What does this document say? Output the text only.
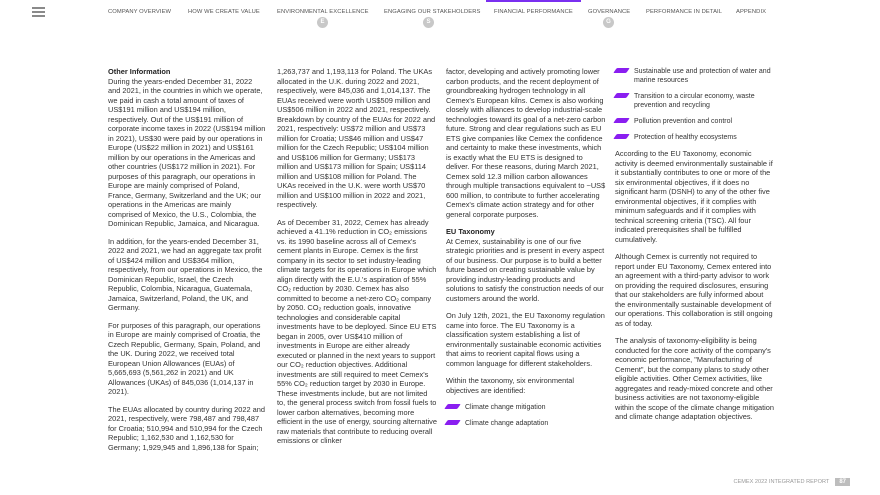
COMPANY OVERVIEW	HOW WE CREATE VALUE	ENVIRONMENTAL EXCELLENCE
E
ENGAGING OUR STAKEHOLDERS
S
FINANCIAL PERFORMANCE	GOVERNANCE
G
PERFORMANCE IN DETAIL APPENDIX
Other Information

During the years-ended December 31, 2022 and 2021, in the countries in which we operate, we paid in cash a total amount of taxes of US$191 million and US$194 million, respectively. Out of the US$191 million of corporate income taxes in 2022 (US$194 million in 2021), US$30 were paid by our operations in Europe (US$22 million in 2021) and US$161 million by our operations in the Americas and other countries (US$172 million in 2021). For purposes of this paragraph, our operations in Europe are mainly comprised of Poland, France, Germany, Switzerland and the UK; our operations in the Americas are mainly comprised of Mexico, the U.S., Colombia, the Dominican Republic, Jamaica, and Nicaragua.

In addition, for the years-ended December 31, 2022 and 2021, we had an aggregate tax profit of US$424 million and US$364 million, respectively, from our operations in Mexico, the Dominican Republic, Israel, the Czech Republic, Colombia, Nicaragua, Guatemala, Jamaica, Switzerland, Poland, the UK, and Germany.

For purposes of this paragraph, our operations in Europe are mainly comprised of Croatia, the Czech Republic, Germany, Spain, Poland, and the UK. During 2022, we received total European Union Allowances (EUAs) of 5,665,693 (5,561,262 in 2021) and UK Allowances (UKAs) of 845,036 (1,014,137 in 2021).

The EUAs allocated by country during 2022 and 2021, respectively, were 798,487 and 798,487 for Croatia; 510,994 and 510,994 for the Czech Republic; 1,162,530 and 1,162,530 for Germany; 1,929,945 and 1,896,138 for Spain;

1,263,737 and 1,193,113 for Poland. The UKAs allocated in the U.K. during 2022 and 2021, respectively, were 845,036 and 1,014,137. The EUAs received were worth US$509 million and US$506 million in 2022 and 2021, respectively. Breakdown by country of the EUAs for 2022 and 2021, respectively: US$72 million and US$73 million for Croatia; US$46 million and US$47 million for the Czech Republic; US$104 million and US$106 million for Germany; US$173 million and US$173 million for Spain; US$114 million and US$108 million for Poland. The UKAs received in the U.K. were worth US$70 million and US$100 million in 2022 and 2021, respectively.

As of December 31, 2022, Cemex has already achieved a 41.1% reduction in CO₂ emissions vs. its 1990 baseline across all of Cemex's cement plants in Europe. Cemex is the first company in its sector to set industry-leading climate targets for its operations in Europe which align directly with the E.U.'s aspiration of 55% CO₂ reduction by 2030. Cemex has also committed to become a net-zero CO₂ company by 2050. CO₂ reduction goals, innovative technologies and considerable capital investments have to be deployed. Since EU ETS began in 2005, over US$410 million of investments in Europe are either already executed or planned in the next years to support our CO₂ reduction objectives. Additional investments are still required to meet Cemex's 55% CO₂ reduction target by 2030 in Europe. These investments include, but are not limited to, the general process switch from fossil fuels to lower carbon alternatives, becoming more efficient in the use of energy, sourcing alternative raw materials that contribute to reducing overall emissions or clinker

factor, developing and actively promoting lower carbon products, and the recent deployment of groundbreaking hydrogen technology in all Cemex's European kilns. Cemex is also working closely with alliances to develop industrial-scale technologies toward its goal of a net-zero carbon future. Strong and clear regulations such as EU ETS give companies like Cemex the confidence and certainty to make these investments, which is exactly what the EU ETS is designed to deliver. For these reasons, during March 2021, Cemex sold 12.3 million carbon allowances through multiple transactions equivalent to ~US$ 600 million, to contribute to further accelerating Cemex's climate action strategy and for other general corporate purposes.

EU Taxonomy

At Cemex, sustainability is one of our five strategic priorities and is present in every aspect of our business. Our purpose is to build a better future based on creating sustainable value by providing industry-leading products and solutions to satisfy the construction needs of our customers around the world.

On July 12th, 2021, the EU Taxonomy regulation came into force. The EU Taxonomy is a classification system establishing a list of environmentally sustainable economic activities that aims to reorient capital flows using a common language for different stakeholders.

Within the taxonomy, six environmental objectives are identified:

Climate change mitigation
Climate change adaptation
Sustainable use and protection of water and marine resources
Transition to a circular economy, waste prevention and recycling
Pollution prevention and control
Protection of healthy ecosystems

According to the EU Taxonomy, economic activity is deemed environmentally sustainable if it substantially contributes to one or more of the six environmental objectives, if it does no significant harm (DSNH) to any of the other five environmental objectives, if it complies with minimum safeguards and if it complies with technical screening criteria (TSC). All four indicated prerequisites shall be fulfilled cumulatively.

Although Cemex is currently not required to report under EU Taxonomy, Cemex entered into an agreement with a third-party advisor to work on providing the required disclosures, ensuring that our stakeholders are fully informed about the environmentally sustainable development of our operations. This collaboration is still ongoing as of today.

The analysis of taxonomy-eligibility is being conducted for the core activity of the company's economic performance, "Manufacturing of Cement", but the company plans to study other eligible activities. Other Cemex activities, like aggregates and ready-mixed concrete and other business activities are not taxonomy-eligible within the scope of the climate change mitigation and climate change adaptation objectives.

CEMEX 2022 INTEGRATED REPORT	87
